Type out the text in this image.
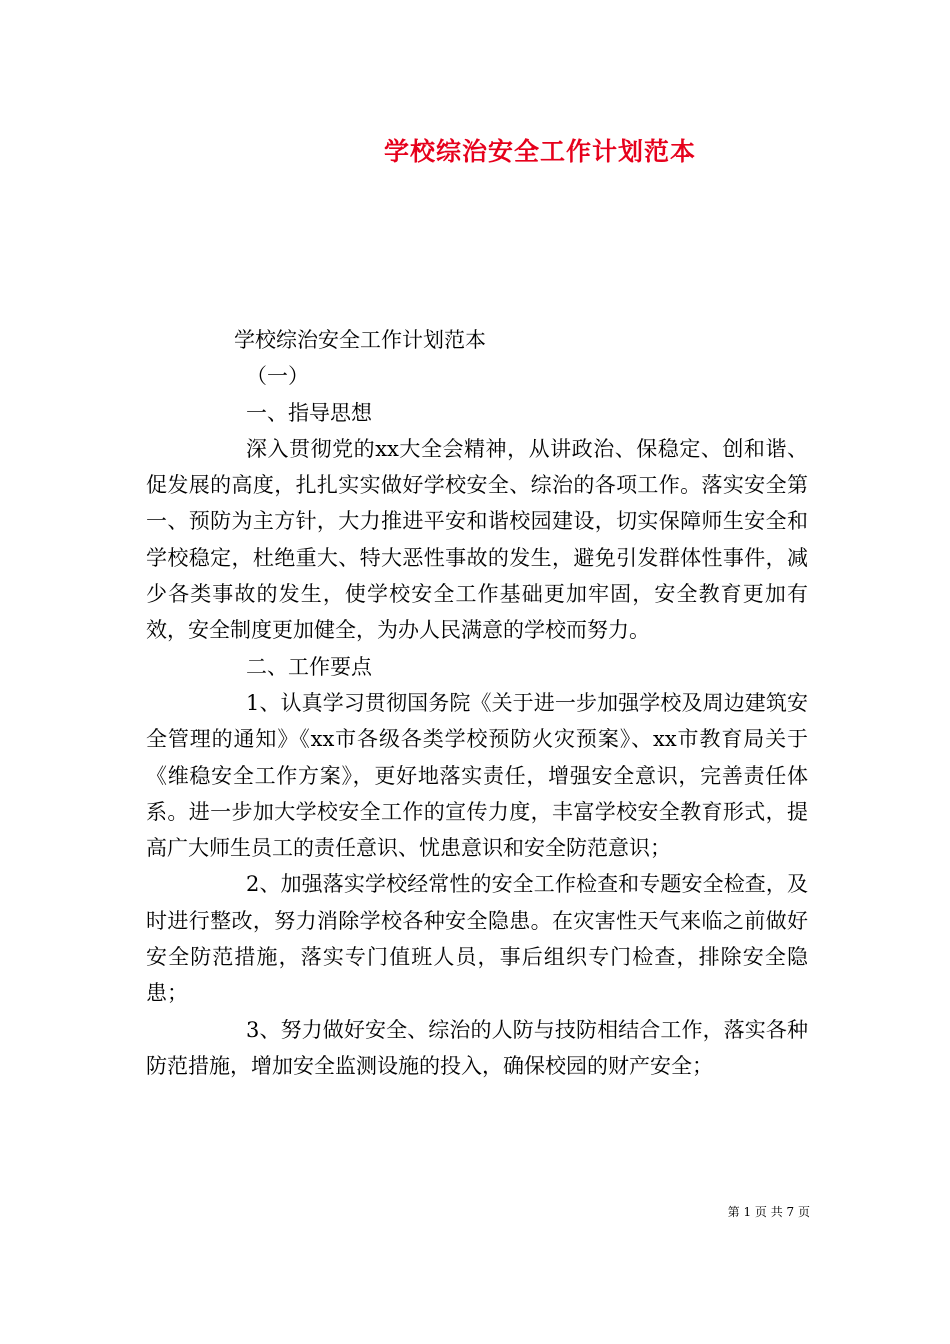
学校综治安全工作计划范本

学校综治安全工作计划范本

（一）

一、指导思想

深入贯彻党的xx大全会精神，从讲政治、保稳定、创和谐、促发展的高度，扎扎实实做好学校安全、综治的各项工作。落实安全第一、预防为主方针，大力推进平安和谐校园建设，切实保障师生安全和学校稳定，杜绝重大、特大恶性事故的发生，避免引发群体性事件，减少各类事故的发生，使学校安全工作基础更加牢固，安全教育更加有效，安全制度更加健全，为办人民满意的学校而努力。

二、工作要点

1、认真学习贯彻国务院《关于进一步加强学校及周边建筑安全管理的通知》《xx市各级各类学校预防火灾预案》、xx市教育局关于《维稳安全工作方案》，更好地落实责任，增强安全意识，完善责任体系。进一步加大学校安全工作的宣传力度，丰富学校安全教育形式，提高广大师生员工的责任意识、忧患意识和安全防范意识；

2、加强落实学校经常性的安全工作检查和专题安全检查，及时进行整改，努力消除学校各种安全隐患。在灾害性天气来临之前做好安全防范措施，落实专门值班人员，事后组织专门检查，排除安全隐患；

3、努力做好安全、综治的人防与技防相结合工作，落实各种防范措施，增加安全监测设施的投入，确保校园的财产安全；

第 1 页 共 7 页
